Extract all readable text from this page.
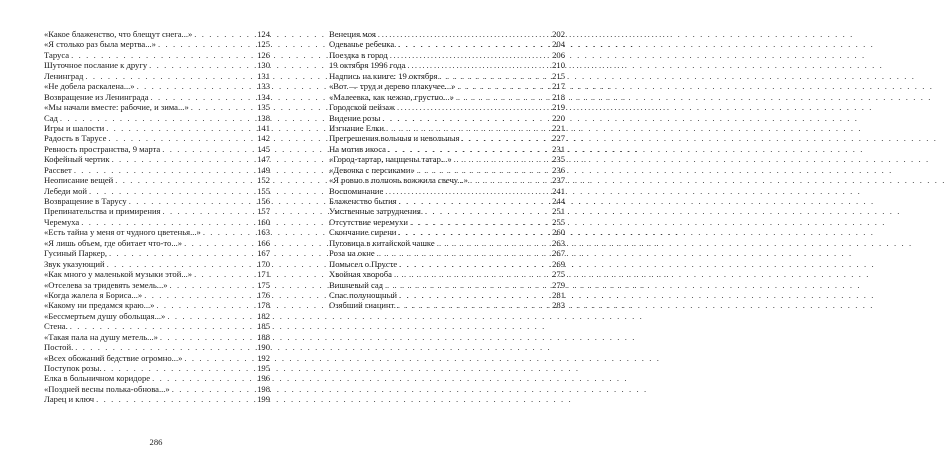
«Какое блаженство, что блещут снега...» . . .	124
«Я столько раз была мертва...» . . .	125
Таруса . . .	126
Шуточное послание к другу . . .	130
Ленинград . . .	131
«Не добела раскалена...» . . .	133
Возвращение из Ленинграда . . .	134
«Мы начали вместе: рабочие, и зима...» . . .	135
Сад . . .	138
Игры и шалости . . .	141
Радость в Тарусе . . .	142
Ревность пространства, 9 марта . . .	145
Кофейный чертик . . .	147
Рассвет . . .	149
Неописание вещей . . .	152
Лебеди мой . . .	155
Возвращение в Тарусу . . .	156
Препинательства и примирения . . .	157
Черемуха . . .	160
«Есть тайна у меня от чудного цветенья...» . . .	163
«Я лишь объем, где обитает что-то...» . . .	166
Гусиный Паркер, . . .	167
Звук указующий . . .	170
«Как много у маленькой музыки этой...» . . .	171
«Отселева за тридевять земель...» . . .	175
«Когда жалела я Бориса...» . . .	176
«Какому ни предамся краю...» . . .	178
«Бессмертьем душу обольщая...» . . .	182
Стена. . . .	185
«Такая пала на душу метель...» . . .	188
Постой. . . .	190
«Всех обожаний бедствие огромно...» . . .	192
Поступок розы. . . .	195
Елка в больничном коридоре . . .	196
«Поздней весны полька-обнова...» . . .	198
Ларец и ключ . . .	199
Венеция моя . . .	202
Одеванье ребенка. . . .	204
Поездка в город . . .	206
19 октября 1996 года . . .	210
Надпись на книге: 19 октября . . .	215
«Вот — труд и дерево плакучее...» . . .	217
«Малеевка, как нежно, грустно...» . . .	218
Городской пейзаж . . .	219
Видение розы . . .	220
Изгнание Елки . . .	221
Прегрешения вольныя и невольныя . . .	227
На мотив икоса . . .	231
«Город-тартар, нацщены татар...» . . .	235
«Девочка с персиками» . . .	236
«Я ровно в полночь вожжила свечу...» . . .	237
Воспоминание . . .	241
Блаженство бытия . . .	244
Умственные затруднения. . . .	251
Отсутствие черемухи . . .	255
Скончание сирени . . .	260
Пуговица в китайской чашке . . .	263
Роза на окне . . .	267
Помысел о Прусте . . .	269
Хвойная хвороба . . .	275
Вишневый сад . . .	279
Спас полунощный . . .	281
Озябший гиацинт. . . .	283
286
